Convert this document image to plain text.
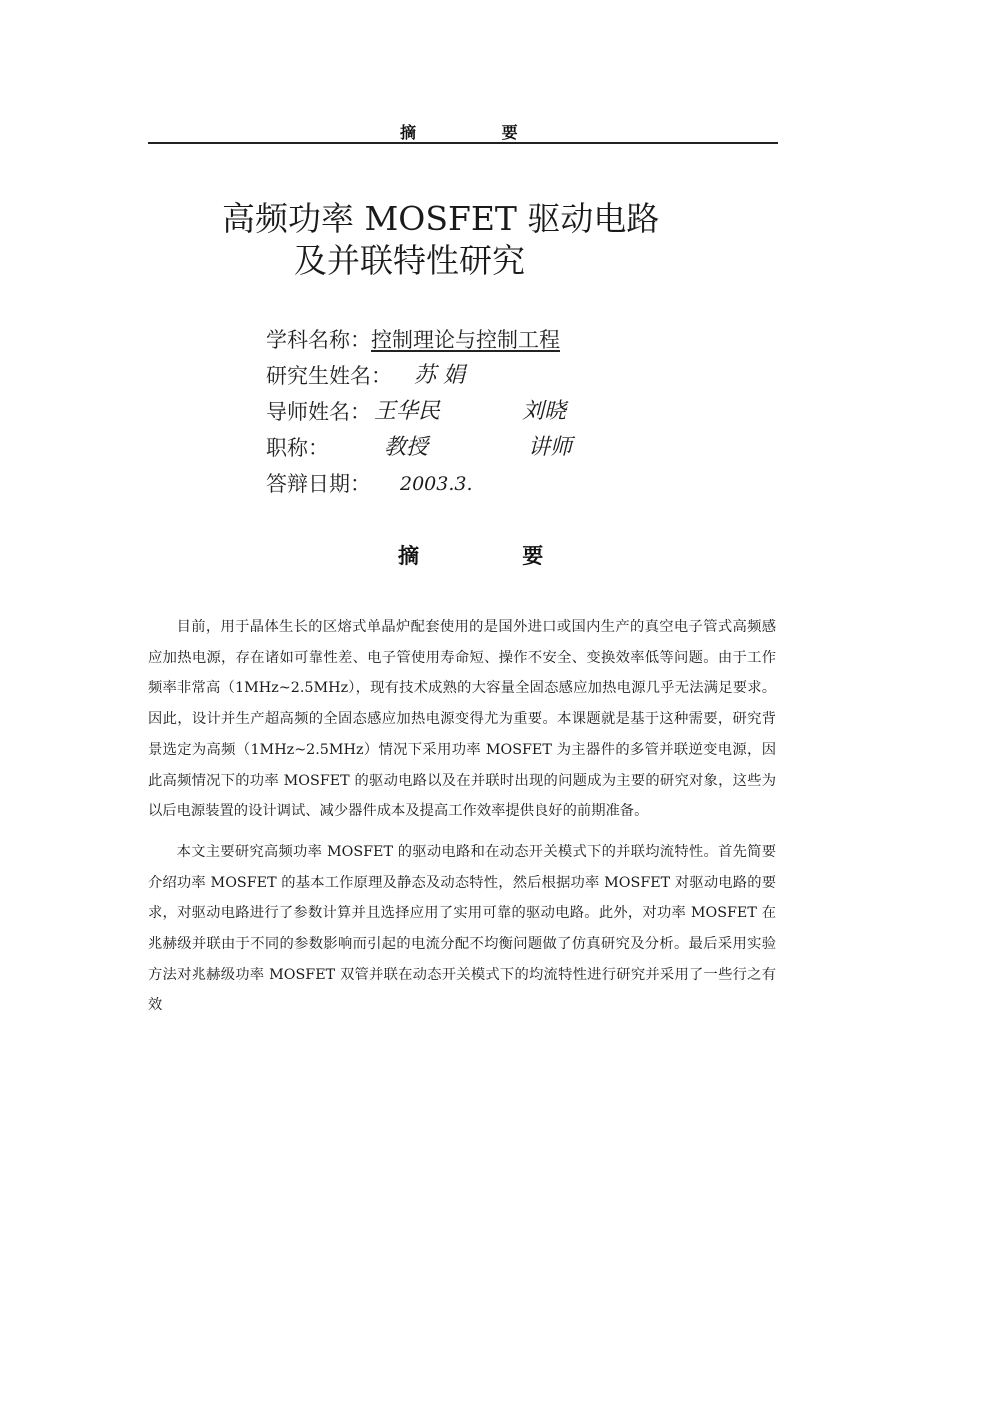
摘 要
高频功率 MOSFET 驱动电路
及并联特性研究
学科名称：控制理论与控制工程
研究生姓名： 苏 娟
导师姓名： 王华民	刘晓
职称：	教授	讲师
答辩日期： 2003.3.
摘 要

目前，用于晶体生长的区熔式单晶炉配套使用的是国外进口或国内生产的真空电子管式高频感应加热电源，存在诸如可靠性差、电子管使用寿命短、操作不安全、变换效率低等问题。由于工作频率非常高（1MHz~2.5MHz），现有技术成熟的大容量全固态感应加热电源几乎无法满足要求。因此，设计并生产超高频的全固态感应加热电源变得尤为重要。本课题就是基于这种需要，研究背景选定为高频（1MHz~2.5MHz）情况下采用功率 MOSFET 为主器件的多管并联逆变电源，因此高频情况下的功率 MOSFET 的驱动电路以及在并联时出现的问题成为主要的研究对象，这些为以后电源装置的设计调试、减少器件成本及提高工作效率提供良好的前期准备。

本文主要研究高频功率 MOSFET 的驱动电路和在动态开关模式下的并联均流特性。首先简要介绍功率 MOSFET 的基本工作原理及静态及动态特性，然后根据功率 MOSFET 对驱动电路的要求，对驱动电路进行了参数计算并且选择应用了实用可靠的驱动电路。此外，对功率 MOSFET 在兆赫级并联由于不同的参数影响而引起的电流分配不均衡问题做了仿真研究及分析。最后采用实验方法对兆赫级功率 MOSFET 双管并联在动态开关模式下的均流特性进行研究并采用了一些行之有效
